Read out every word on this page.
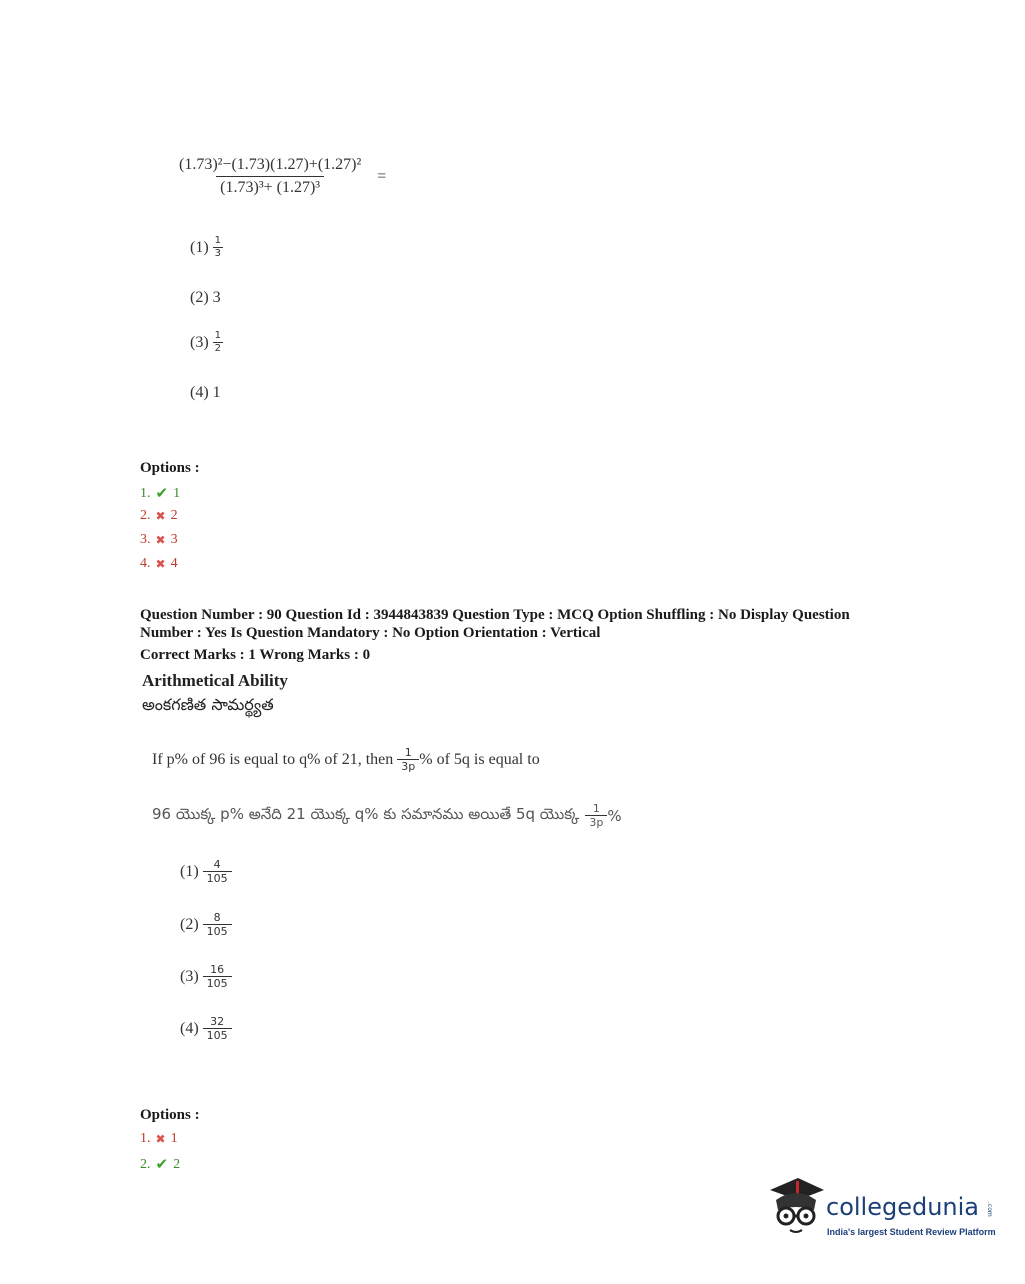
$\frac{\text{(1.73)²−(1.73)(1.27)+(1.27)²}}{\text{(1.73)³+ (1.27)³}}$ =
$(1) \frac{1}{3}$
(2) 3
$(3) \frac{1}{2}$
(4) 1
Options :
1. ✔ 1
2. ✖ 2
3. ✖ 3
4. ✖ 4
Question Number : 90 Question Id : 3944843839 Question Type : MCQ Option Shuffling : No Display Question
Number : Yes Is Question Mandatory : No Option Orientation : Vertical
Correct Marks : 1 Wrong Marks : 0
Arithmetical Ability
అంకగణిత సామర్థ్యత
If p% of 96 is equal to q% of 21, then $\frac{1}{3p}$ % of 5q is equal to
96 యొక్క p% అనేది 21 యొక్క q% కు సమానము అయితే 5q యొక్క $\frac{1}{3p}$ %
$(1) \frac{4}{105}$
$(2) \frac{8}{105}$
$(3) \frac{16}{105}$
$(4) \frac{32}{105}$
Options :
1. ✖ 1
2. ✔ 2
collegedunia .com
India's largest Student Review Platform
